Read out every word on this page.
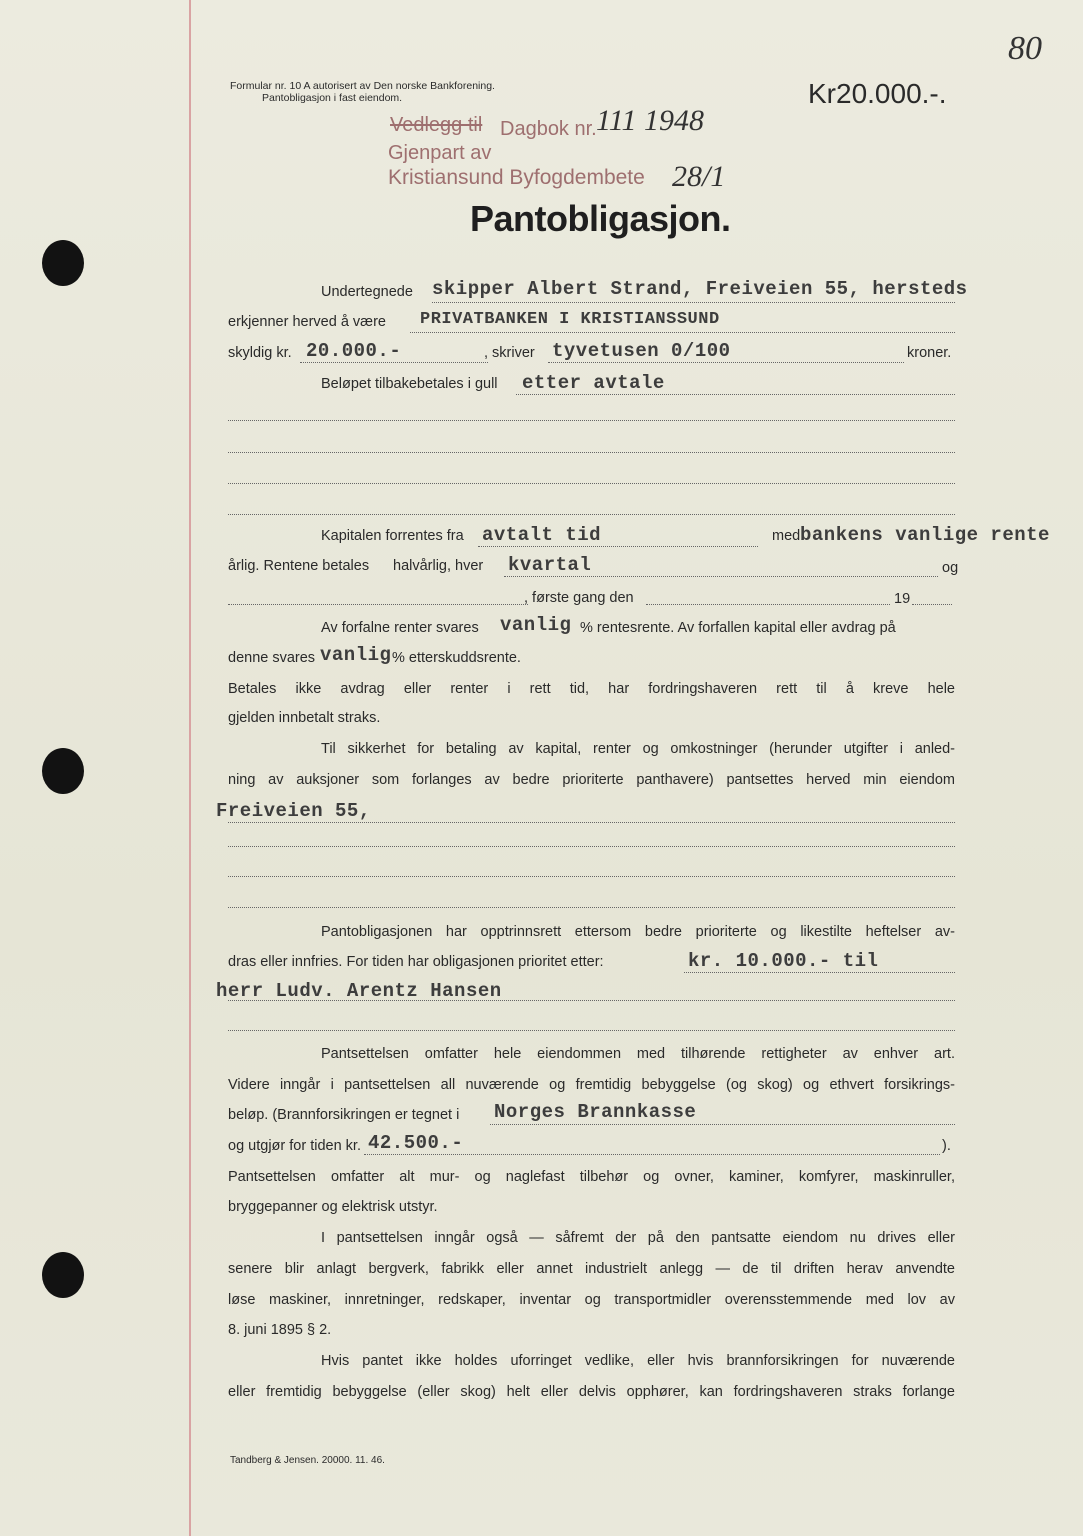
Formular nr. 10 A autorisert av Den norske Bankforening.
Pantobligasjon i fast eiendom.
80
Kr20.000.-.
Vedlegg til Dagbok nr. 111 1948
Gjenpart av
Kristiansund Byfogdembete 28/1
Pantobligasjon.
Undertegnede skipper Albert Strand, Freiveien 55, hersteds
erkjenner herved å være PRIVATBANKEN I KRISTIANSSUND
skyldig kr. 20.000.-	, skriver tyvetusen 0/100	kroner.
Beløpet tilbakebetales i gull etter avtale
Kapitalen forrentes fra avtalt tid	med bankens vanlige rente
årlig. Rentene betales halvårlig, hver kvartal	og
, første gang den	19
Av forfalne renter svares vanlig % rentesrente. Av forfallen kapital eller avdrag på
denne svares vanlig % etterskuddsrente.
Betales ikke avdrag eller renter i rett tid, har fordringshaveren rett til å kreve hele
gjelden innbetalt straks.
Til sikkerhet for betaling av kapital, renter og omkostninger (herunder utgifter i anled-
ning av auksjoner som forlanges av bedre prioriterte panthavere) pantsettes herved min eiendom
Freiveien 55,
Pantobligasjonen har opptrinnsrett ettersom bedre prioriterte og likestilte heftelser av-
dras eller innfries. For tiden har obligasjonen prioritet etter:	kr. 10.000.- til
herr Ludv. Arentz Hansen
Pantsettelsen omfatter hele eiendommen med tilhørende rettigheter av enhver art.
Videre inngår i pantsettelsen all nuværende og fremtidig bebyggelse (og skog) og ethvert forsikrings-
beløp. (Brannforsikringen er tegnet i Norges Brannkasse
og utgjør for tiden kr. 42.500.-	).
Pantsettelsen omfatter alt mur- og naglefast tilbehør og ovner, kaminer, komfyrer, maskinruller,
bryggepanner og elektrisk utstyr.
I pantsettelsen inngår også — såfremt der på den pantsatte eiendom nu drives eller
senere blir anlagt bergverk, fabrikk eller annet industrielt anlegg — de til driften herav anvendte
løse maskiner, innretninger, redskaper, inventar og transportmidler overensstemmende med lov av
8. juni 1895 § 2.
Hvis pantet ikke holdes uforringet vedlike, eller hvis brannforsikringen for nuværende
eller fremtidig bebyggelse (eller skog) helt eller delvis opphører, kan fordringshaveren straks forlange
Tandberg & Jensen. 20000. 11. 46.
